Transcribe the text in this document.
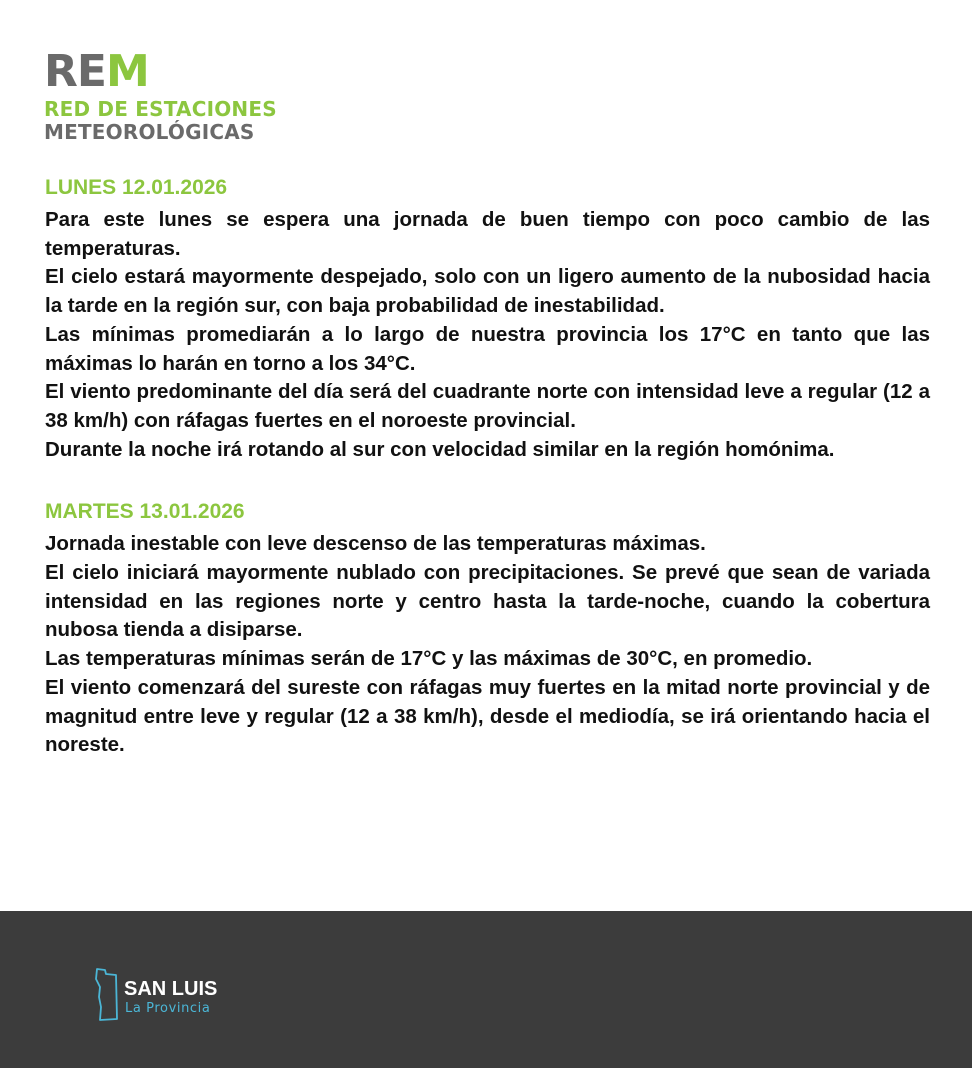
REM
RED DE ESTACIONES
METEOROLÓGICAS
LUNES 12.01.2026

Para este lunes se espera una jornada de buen tiempo con poco cambio de las temperaturas.

El cielo estará mayormente despejado, solo con un ligero aumento de la nubosidad hacia la tarde en la región sur, con baja probabilidad de inestabilidad.

Las mínimas promediarán a lo largo de nuestra provincia los 17°C en tanto que las máximas lo harán en torno a los 34°C.

El viento predominante del día será del cuadrante norte con intensidad leve a regular (12 a 38 km/h) con ráfagas fuertes en el noroeste provincial.

Durante la noche irá rotando al sur con velocidad similar en la región homónima.

MARTES 13.01.2026

Jornada inestable con leve descenso de las temperaturas máximas.

El cielo iniciará mayormente nublado con precipitaciones. Se prevé que sean de variada intensidad en las regiones norte y centro hasta la tarde-noche, cuando la cobertura nubosa tienda a disiparse.

Las temperaturas mínimas serán de 17°C y las máximas de 30°C, en promedio.

El viento comenzará del sureste con ráfagas muy fuertes en la mitad norte provincial y de magnitud entre leve y regular (12 a 38 km/h), desde el mediodía, se irá orientando hacia el noreste.

SAN LUIS
La Provincia
